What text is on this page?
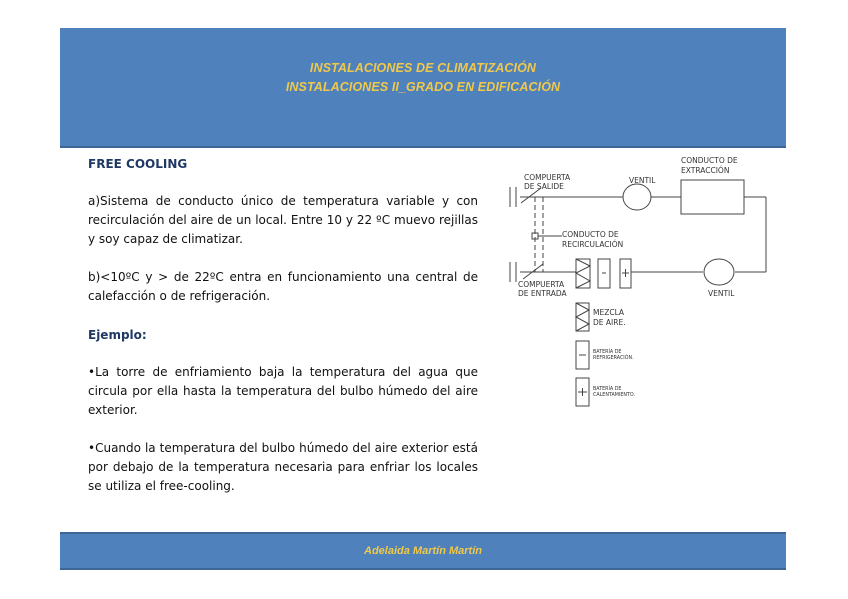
INSTALACIONES DE CLIMATIZACIÓN
INSTALACIONES II_GRADO EN EDIFICACIÓN
FREE COOLING

a)Sistema de conducto único de temperatura variable y con recirculación del aire de un local. Entre 10 y 22 ºC muevo rejillas y soy capaz de climatizar.

b)<10ºC y > de 22ºC entra en funcionamiento una central de calefacción o de refrigeración.

Ejemplo:

•La torre de enfriamiento baja la temperatura del agua que circula por ella hasta la temperatura del bulbo húmedo del aire exterior.

•Cuando la temperatura del bulbo húmedo del aire exterior está por debajo de la temperatura necesaria para enfriar los locales se utiliza el free-cooling.

COMPUERTA
DE SALIDE
VENTIL
CONDUCTO DE
EXTRACCIÓN
CONDUCTO DE
RECIRCULACIÓN
COMPUERTA
DE ENTRADA	VENTIL
MEZCLA
DE AIRE.
BATERÍA DE
REFRIGERACIÓN.
BATERÍA DE
CALENTAMIENTO.
Adelaida Martín Martín
